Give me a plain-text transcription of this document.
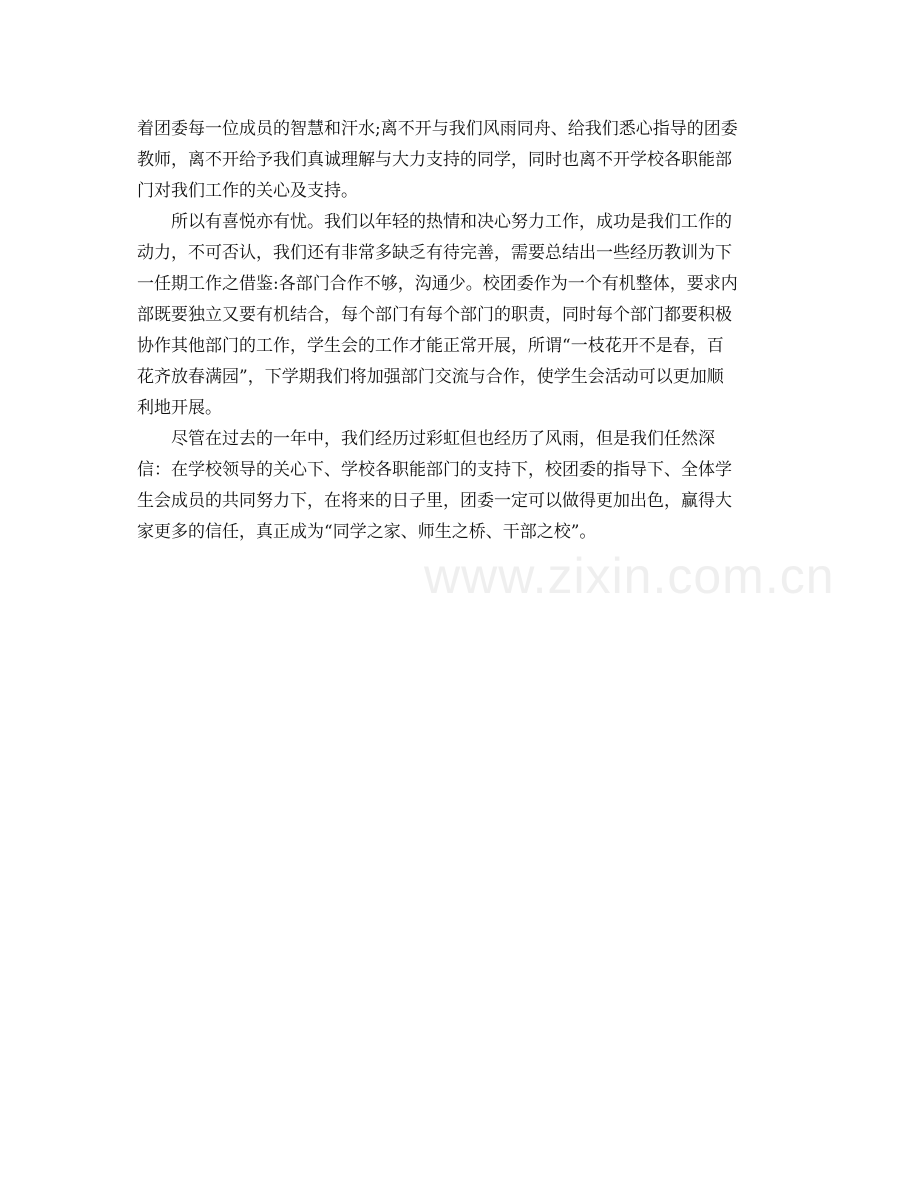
着团委每一位成员的智慧和汗水;离不开与我们风雨同舟、给我们悉心指导的团委
教师，离不开给予我们真诚理解与大力支持的同学，同时也离不开学校各职能部
门对我们工作的关心及支持。
所以有喜悦亦有忧。我们以年轻的热情和决心努力工作，成功是我们工作的
动力，不可否认，我们还有非常多缺乏有待完善，需要总结出一些经历教训为下
一任期工作之借鉴:各部门合作不够，沟通少。校团委作为一个有机整体，要求内
部既要独立又要有机结合，每个部门有每个部门的职责，同时每个部门都要积极
协作其他部门的工作，学生会的工作才能正常开展，所谓“一枝花开不是春，百
花齐放春满园”，下学期我们将加强部门交流与合作，使学生会活动可以更加顺
利地开展。
尽管在过去的一年中，我们经历过彩虹但也经历了风雨，但是我们任然深
信：在学校领导的关心下、学校各职能部门的支持下，校团委的指导下、全体学
生会成员的共同努力下，在将来的日子里，团委一定可以做得更加出色，赢得大
家更多的信任，真正成为“同学之家、师生之桥、干部之校”。
www.zixin.com.cn
